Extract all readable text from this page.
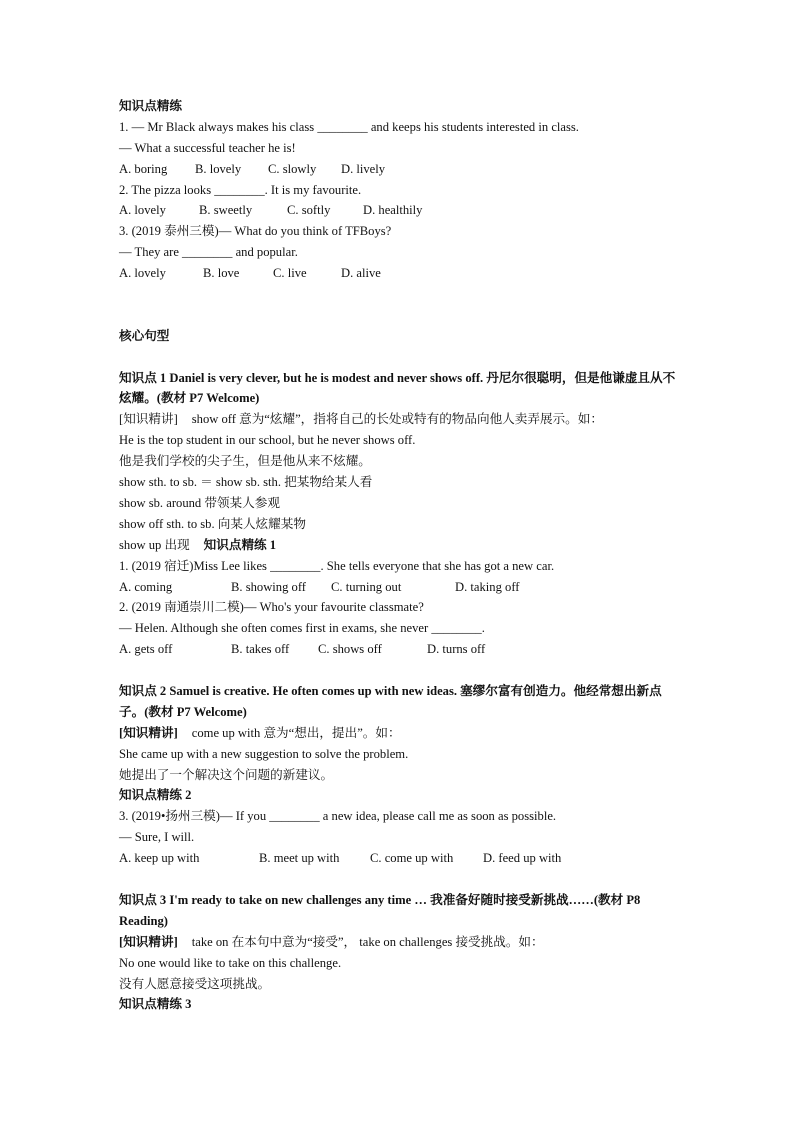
知识点精练
1. — Mr Black always makes his class ________ and keeps his students interested in class.
— What a successful teacher he is!
A. boring B. lovely C. slowly D. lively
2. The pizza looks ________. It is my favourite.
A. lovely	B. sweetly	C. softly	D. healthily
3. (2019 泰州三模)— What do you think of TFBoys?
— They are ________ and popular.
A. lovely	B. love	C. live	D. alive
核心句型
知识点 1 Daniel is very clever, but he is modest and never shows off. 丹尼尔很聪明，但是他谦虚且从不炫耀。(教材 P7 Welcome)
[知识精讲] show off 意为“炫耀”，指将自己的长处或特有的物品向他人卖弄展示。如：
He is the top student in our school, but he never shows off.
他是我们学校的尖子生，但是他从来不炫耀。
show sth. to sb. ＝ show sb. sth. 把某物给某人看
show sb. around 带领某人参观
show off sth. to sb. 向某人炫耀某物
show up 出现 知识点精练 1
1. (2019 宿迁)Miss Lee likes ________. She tells everyone that she has got a new car.
A. coming	B. showing off C. turning out	D. taking off
2. (2019 南通崇川二模)— Who's your favourite classmate?
— Helen. Although she often comes first in exams, she never ________.
A. gets off	B. takes off C. shows off	D. turns off
知识点 2 Samuel is creative. He often comes up with new ideas. 塞缪尔富有创造力。他经常想出新点子。(教材 P7 Welcome)
[知识精讲] come up with 意为“想出，提出”。如：
She came up with a new suggestion to solve the problem.
她提出了一个解决这个问题的新建议。
知识点精练 2
3. (2019•扬州三模)— If you ________ a new idea, please call me as soon as possible.
— Sure, I will.
A. keep up with	B. meet up with C. come up with D. feed up with
知识点 3 I'm ready to take on new challenges any time … 我准备好随时接受新挑战……(教材 P8 Reading)
[知识精讲] take on 在本句中意为“接受”， take on challenges 接受挑战。如：
No one would like to take on this challenge.
没有人愿意接受这项挑战。
知识点精练 3
